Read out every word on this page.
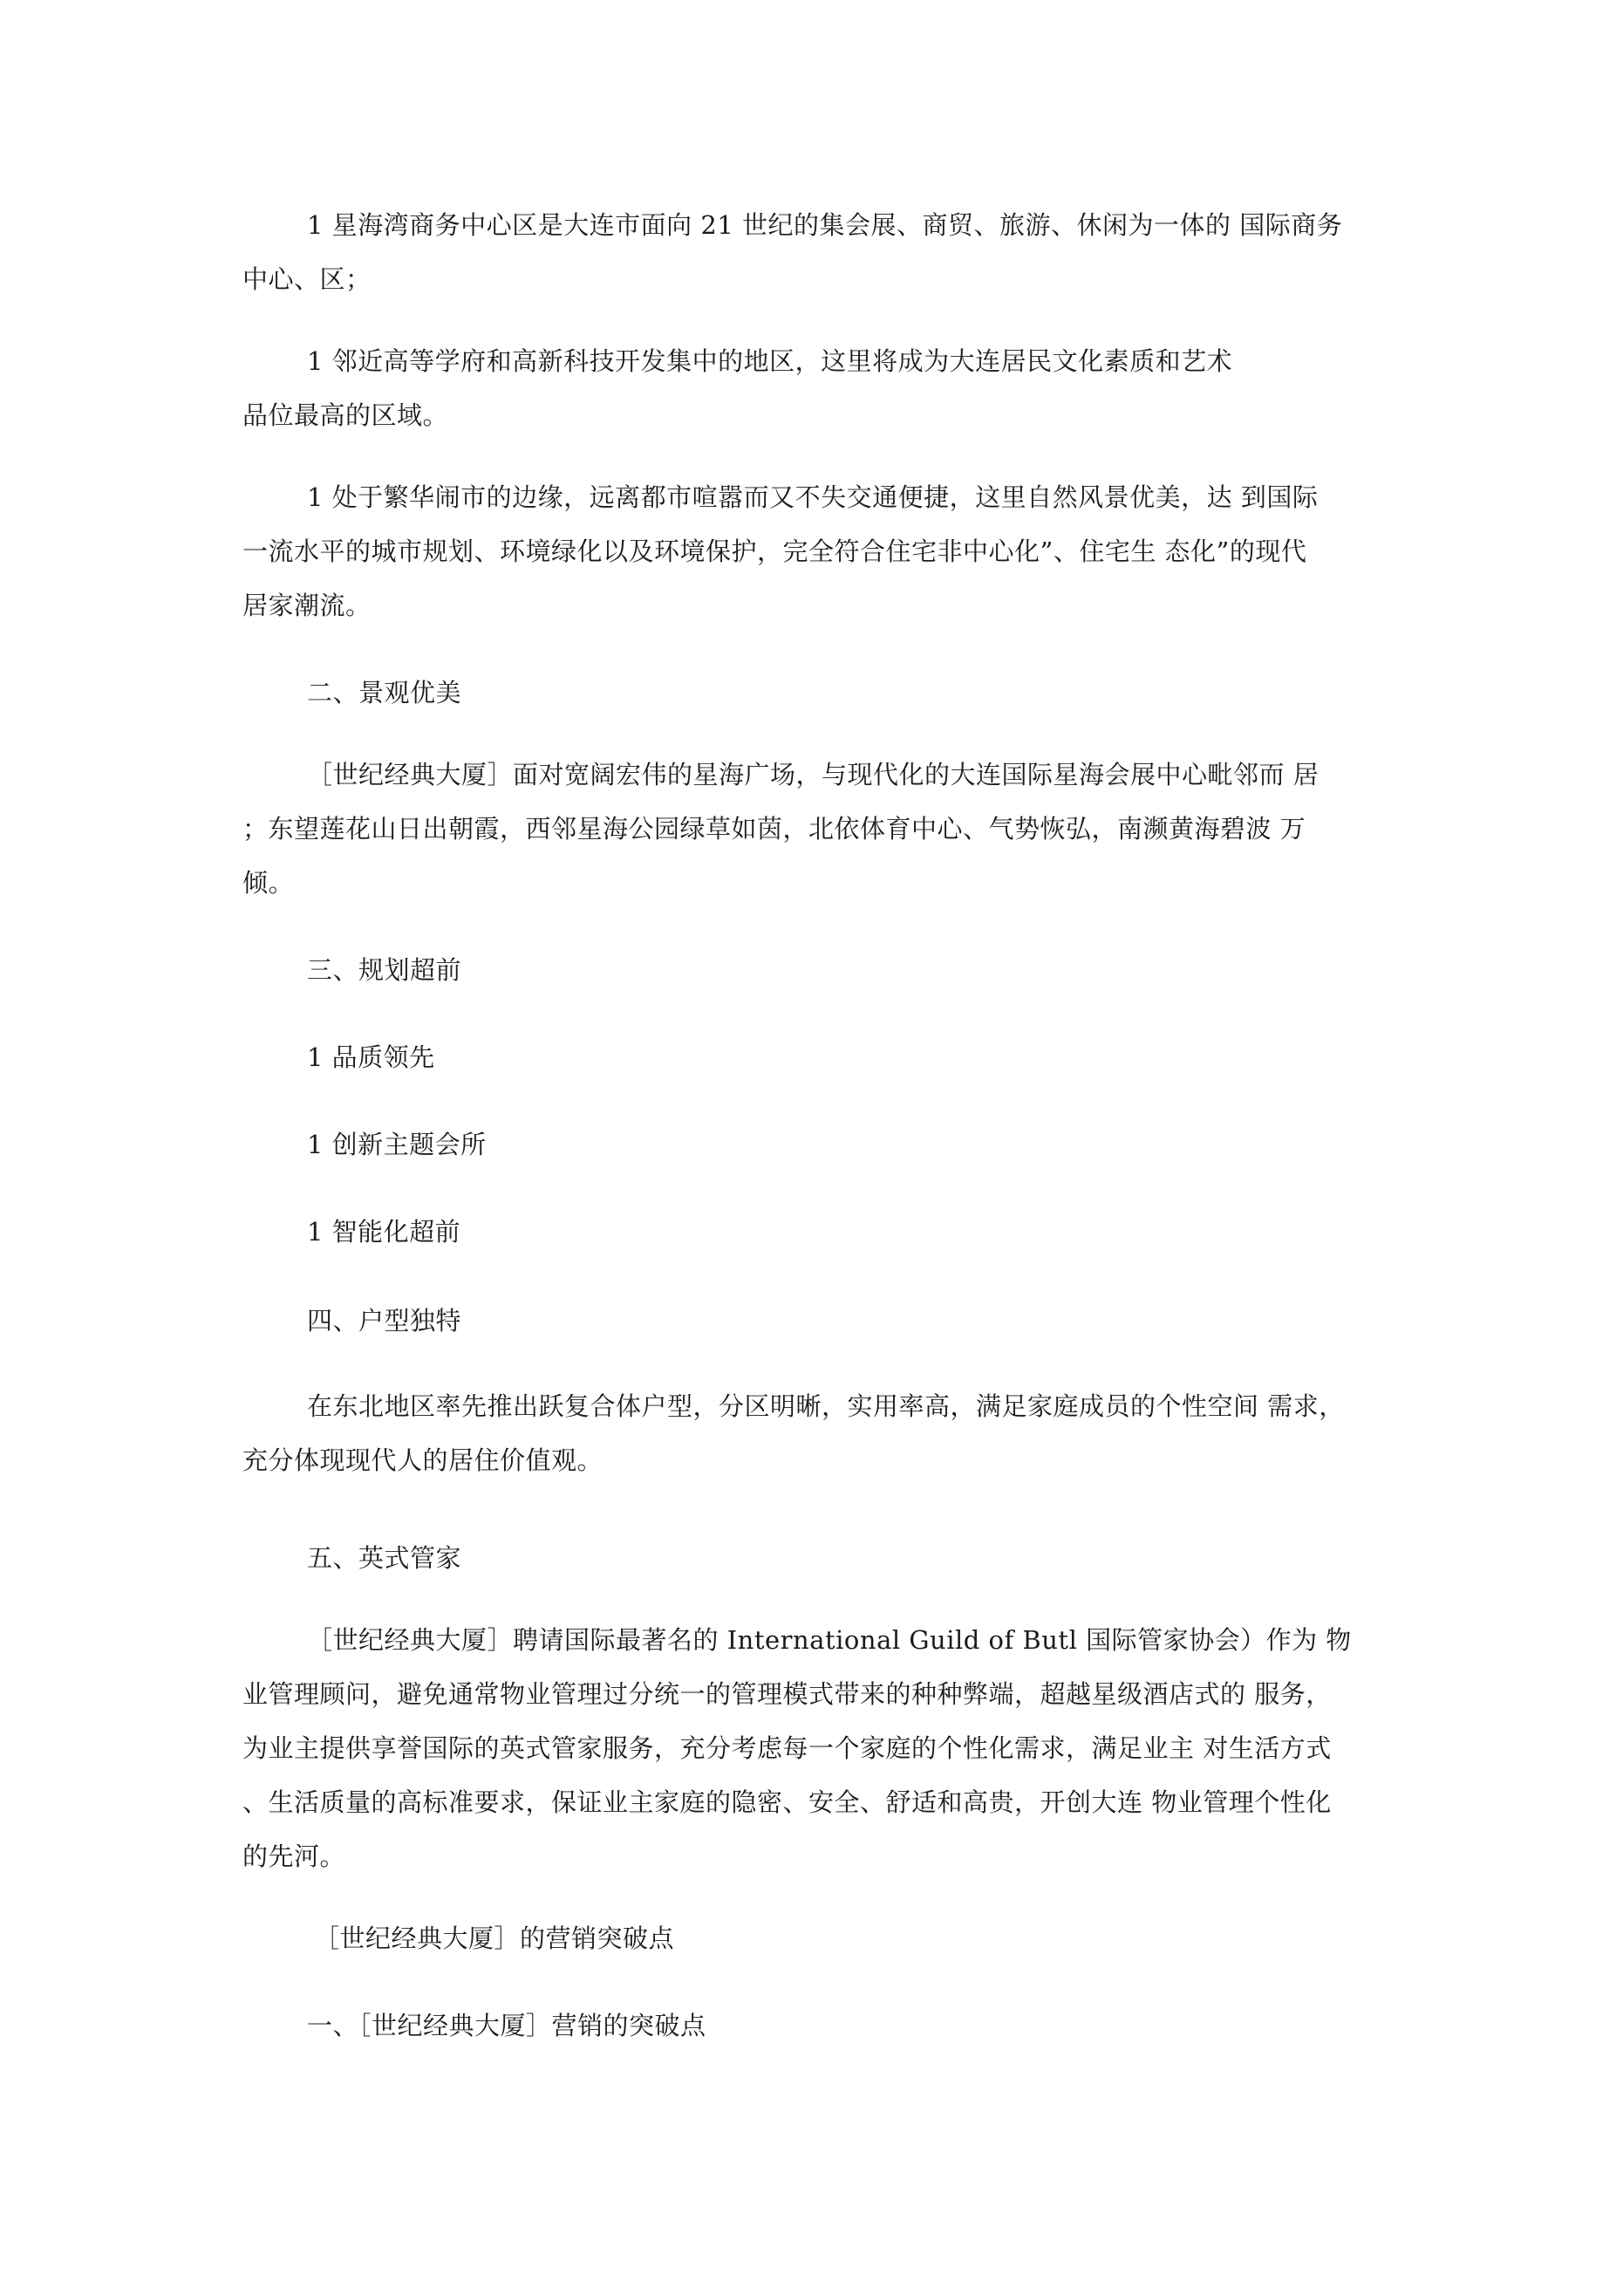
1 星海湾商务中心区是大连市面向 21 世纪的集会展、商贸、旅游、休闲为一体的 国际商务
中心、区；
1 邻近高等学府和高新科技开发集中的地区，这里将成为大连居民文化素质和艺术
品位最高的区域。
1 处于繁华闹市的边缘，远离都市喧嚣而又不失交通便捷，这里自然风景优美，达 到国际
一流水平的城市规划、环境绿化以及环境保护，完全符合住宅非中心化”、住宅生 态化”的现代
居家潮流。
二、景观优美
［世纪经典大厦］面对宽阔宏伟的星海广场，与现代化的大连国际星海会展中心毗邻而 居
；东望莲花山日出朝霞，西邻星海公园绿草如茵，北依体育中心、气势恢弘，南濒黄海碧波 万
倾。
三、规划超前
1 品质领先
1 创新主题会所
1 智能化超前
四、户型独特
在东北地区率先推出跃复合体户型，分区明晰，实用率高，满足家庭成员的个性空间 需求，
充分体现现代人的居住价值观。
五、英式管家
［世纪经典大厦］聘请国际最著名的 International Guild of Butl 国际管家协会）作为 物
业管理顾问，避免通常物业管理过分统一的管理模式带来的种种弊端，超越星级酒店式的 服务，
为业主提供享誉国际的英式管家服务，充分考虑每一个家庭的个性化需求，满足业主 对生活方式
、生活质量的高标准要求，保证业主家庭的隐密、安全、舒适和高贵，开创大连 物业管理个性化
的先河。
［世纪经典大厦］的营销突破点
一、［世纪经典大厦］营销的突破点
